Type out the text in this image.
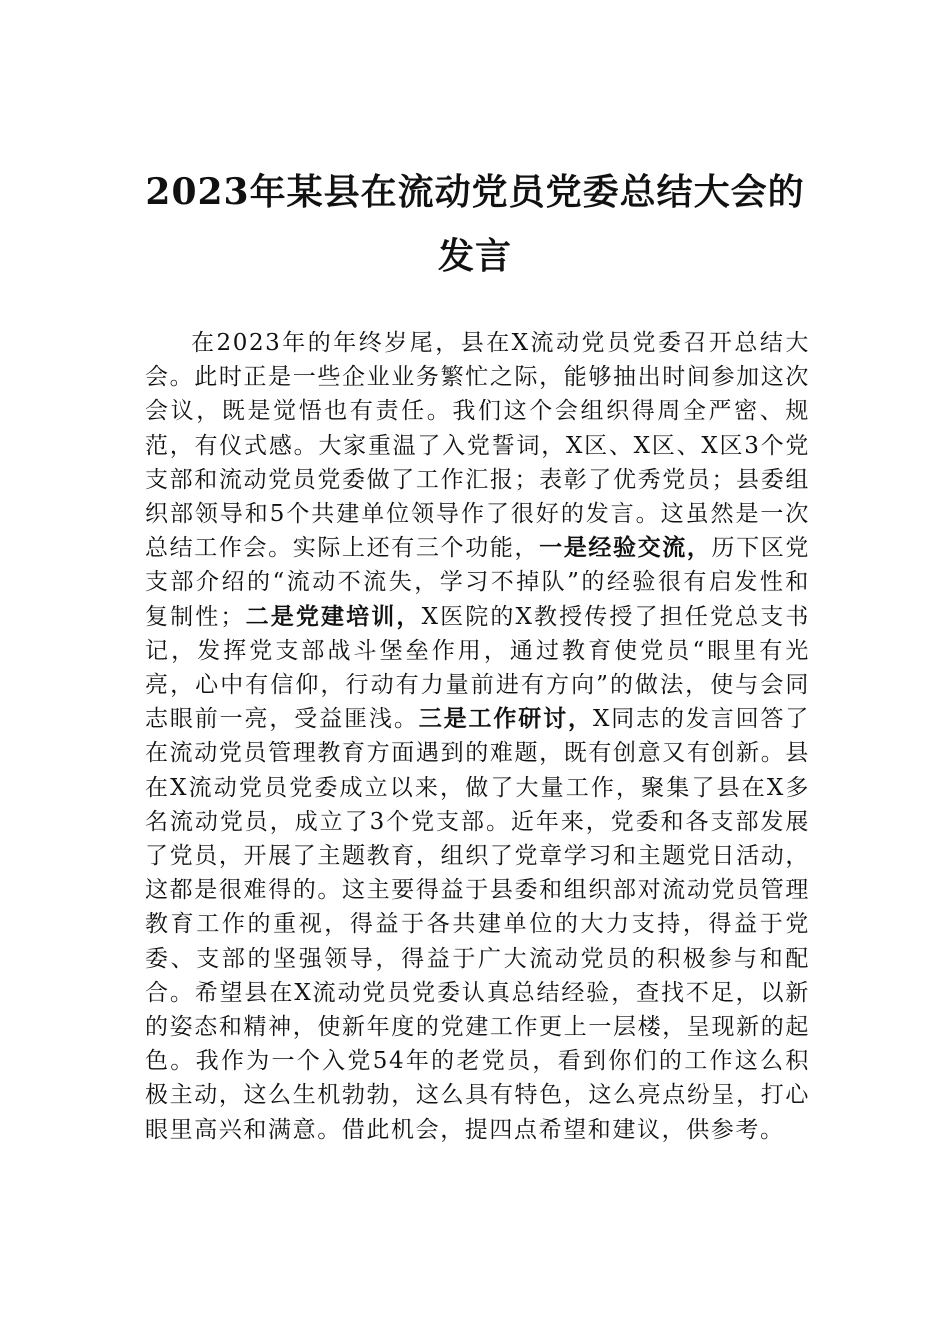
2023年某县在流动党员党委总结大会的发言

在2023年的年终岁尾，县在X流动党员党委召开总结大会。此时正是一些企业业务繁忙之际，能够抽出时间参加这次会议，既是觉悟也有责任。我们这个会组织得周全严密、规范，有仪式感。大家重温了入党誓词，X区、X区、X区3个党支部和流动党员党委做了工作汇报；表彰了优秀党员；县委组织部领导和5个共建单位领导作了很好的发言。这虽然是一次总结工作会。实际上还有三个功能，一是经验交流，历下区党支部介绍的“流动不流失，学习不掉队”的经验很有启发性和复制性；二是党建培训，X医院的X教授传授了担任党总支书记，发挥党支部战斗堡垒作用，通过教育使党员“眼里有光亮，心中有信仰，行动有力量前进有方向”的做法，使与会同志眼前一亮，受益匪浅。三是工作研讨，X同志的发言回答了在流动党员管理教育方面遇到的难题，既有创意又有创新。县在X流动党员党委成立以来，做了大量工作，聚集了县在X多名流动党员，成立了3个党支部。近年来，党委和各支部发展了党员，开展了主题教育，组织了党章学习和主题党日活动，这都是很难得的。这主要得益于县委和组织部对流动党员管理教育工作的重视，得益于各共建单位的大力支持，得益于党委、支部的坚强领导，得益于广大流动党员的积极参与和配合。希望县在X流动党员党委认真总结经验，查找不足，以新的姿态和精神，使新年度的党建工作更上一层楼，呈现新的起色。我作为一个入党54年的老党员，看到你们的工作这么积极主动，这么生机勃勃，这么具有特色，这么亮点纷呈，打心眼里高兴和满意。借此机会，提四点希望和建议，供参考。
